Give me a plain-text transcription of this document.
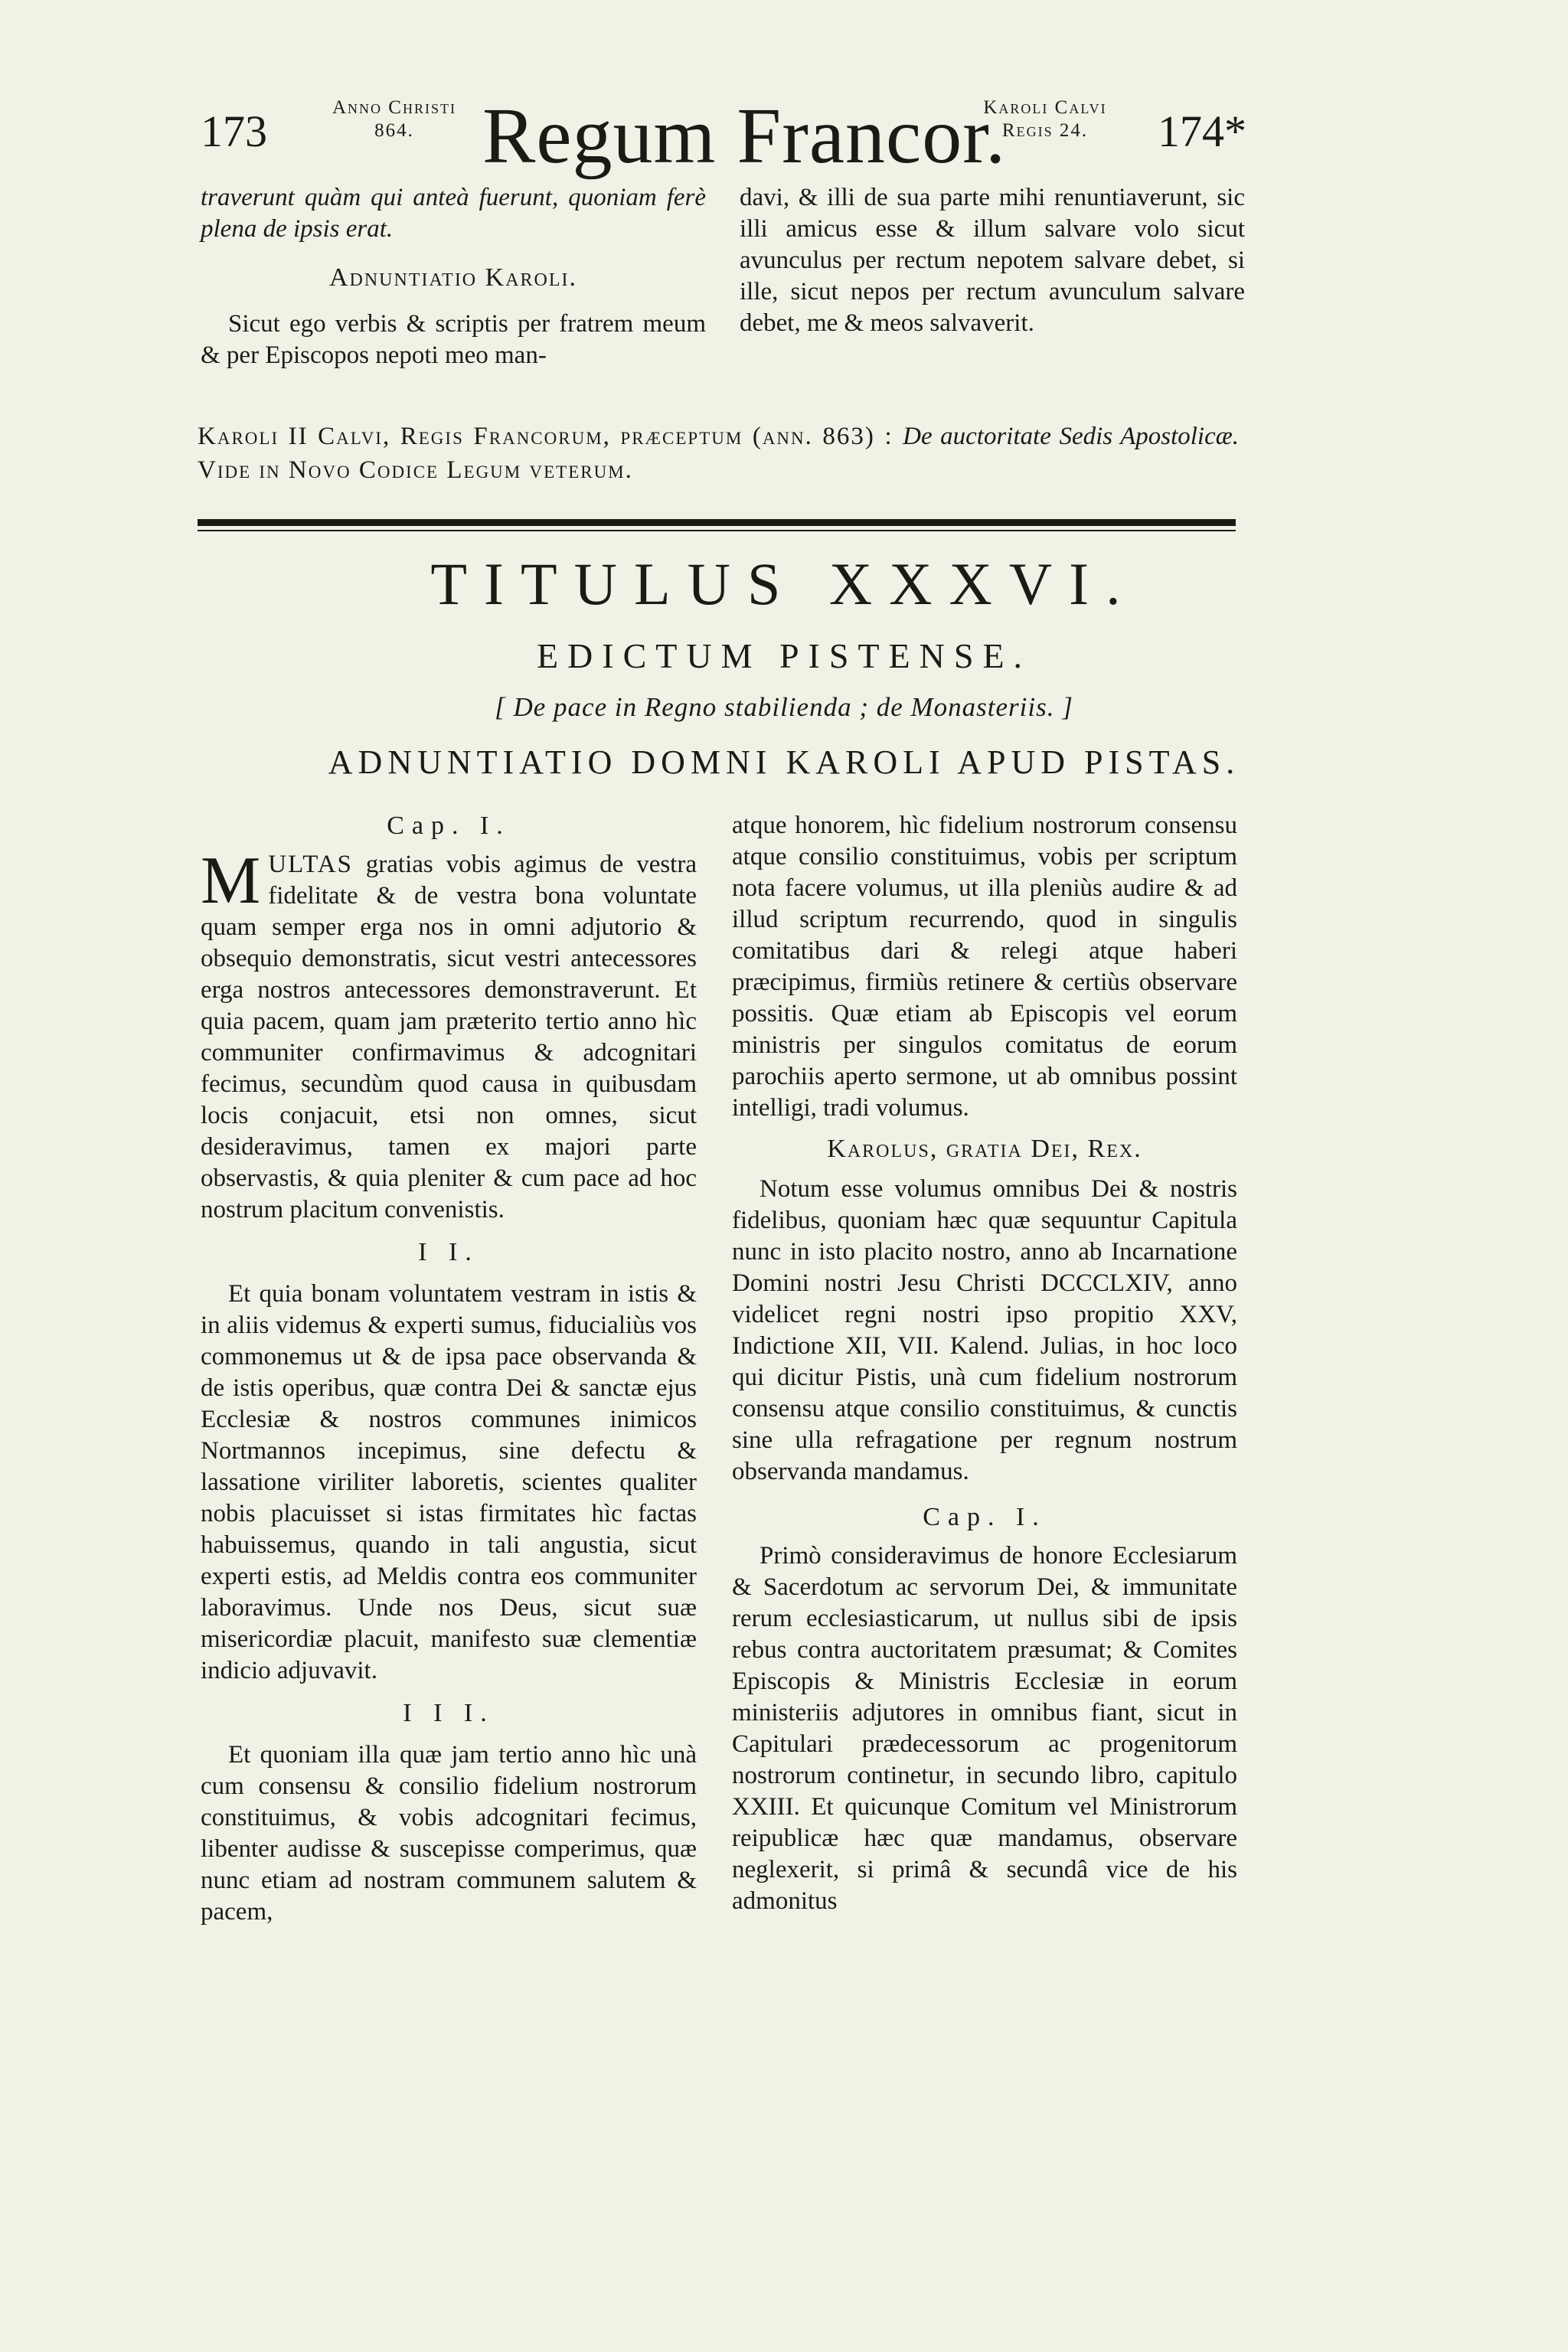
173	Anno Christi
864. Regum Francor.
Karoli Calvi
Regis 24.	174*

traverunt quàm qui anteà fuerunt, quoniam ferè plena de ipsis erat.

Adnuntiatio Karoli.

Sicut ego verbis & scriptis per fratrem meum & per Episcopos nepoti meo man-

davi, & illi de sua parte mihi renuntiaverunt, sic illi amicus esse & illum salvare volo sicut avunculus per rectum nepotem salvare debet, si ille, sicut nepos per rectum avunculum salvare debet, me & meos salvaverit.

Karoli II Calvi, Regis Francorum, præceptum (ann. 863) : De auctoritate Sedis Apostolicæ. Vide in Novo Codice Legum veterum.
TITULUS XXXVI.
EDICTUM PISTENSE.
[ De pace in Regno stabilienda ; de Monasteriis. ]
ADNUNTIATIO DOMNI KAROLI APUD PISTAS.

Cap. I.

MULTAS gratias vobis agimus de vestra fidelitate & de vestra bona voluntate quam semper erga nos in omni adjutorio & obsequio demonstratis, sicut vestri antecessores erga nostros antecessores demonstraverunt. Et quia pacem, quam jam præterito tertio anno hìc communiter confirmavimus & adcognitari fecimus, secundùm quod causa in quibusdam locis conjacuit, etsi non omnes, sicut desideravimus, tamen ex majori parte observastis, & quia pleniter & cum pace ad hoc nostrum placitum convenistis.

I I.

Et quia bonam voluntatem vestram in istis & in aliis videmus & experti sumus, fiducialiùs vos commonemus ut & de ipsa pace observanda & de istis operibus, quæ contra Dei & sanctæ ejus Ecclesiæ & nostros communes inimicos Nortmannos incepimus, sine defectu & lassatione viriliter laboretis, scientes qualiter nobis placuisset si istas firmitates hìc factas habuissemus, quando in tali angustia, sicut experti estis, ad Meldis contra eos communiter laboravimus. Unde nos Deus, sicut suæ misericordiæ placuit, manifesto suæ clementiæ indicio adjuvavit.

I I I.

Et quoniam illa quæ jam tertio anno hìc unà cum consensu & consilio fidelium nostrorum constituimus, & vobis adcognitari fecimus, libenter audisse & suscepisse comperimus, quæ nunc etiam ad nostram communem salutem & pacem,

atque honorem, hìc fidelium nostrorum consensu atque consilio constituimus, vobis per scriptum nota facere volumus, ut illa pleniùs audire & ad illud scriptum recurrendo, quod in singulis comitatibus dari & relegi atque haberi præcipimus, firmiùs retinere & certiùs observare possitis. Quæ etiam ab Episcopis vel eorum ministris per singulos comitatus de eorum parochiis aperto sermone, ut ab omnibus possint intelligi, tradi volumus.

Karolus, gratia Dei, Rex.

Notum esse volumus omnibus Dei & nostris fidelibus, quoniam hæc quæ sequuntur Capitula nunc in isto placito nostro, anno ab Incarnatione Domini nostri Jesu Christi DCCCLXIV, anno videlicet regni nostri ipso propitio XXV, Indictione XII, VII. Kalend. Julias, in hoc loco qui dicitur Pistis, unà cum fidelium nostrorum consensu atque consilio constituimus, & cunctis sine ulla refragatione per regnum nostrum observanda mandamus.

Cap. I.

Primò consideravimus de honore Ecclesiarum & Sacerdotum ac servorum Dei, & immunitate rerum ecclesiasticarum, ut nullus sibi de ipsis rebus contra auctoritatem præsumat; & Comites Episcopis & Ministris Ecclesiæ in eorum ministeriis adjutores in omnibus fiant, sicut in Capitulari prædecessorum ac progenitorum nostrorum continetur, in secundo libro, capitulo XXIII. Et quicunque Comitum vel Ministrorum reipublicæ hæc quæ mandamus, observare neglexerit, si primâ & secundâ vice de his admonitus
